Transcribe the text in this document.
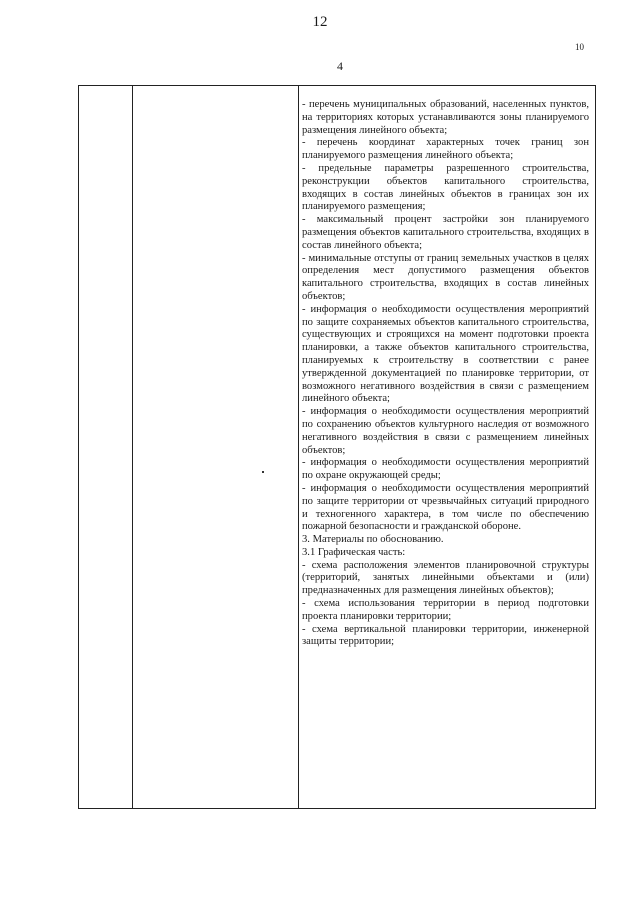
12
10
4

- перечень муниципальных образований, населенных пунктов, на территориях которых устанавливаются зоны планируемого размещения линейного объекта;

- перечень координат характерных точек границ зон планируемого размещения линейного объекта;

- предельные параметры разрешенного строительства, реконструкции объектов капитального строительства, входящих в состав линейных объектов в границах зон их планируемого размещения;

- максимальный процент застройки зон планируемого размещения объектов капитального строительства, входящих в состав линейного объекта;

- минимальные отступы от границ земельных участков в целях определения мест допустимого размещения объектов капитального строительства, входящих в состав линейных объектов;

- информация о необходимости осуществления мероприятий по защите сохраняемых объектов капитального строительства, существующих и строящихся на момент подготовки проекта планировки, а также объектов капитального строительства, планируемых к строительству в соответствии с ранее утвержденной документацией по планировке территории, от возможного негативного воздействия в связи с размещением линейного объекта;

- информация о необходимости осуществления мероприятий по сохранению объектов культурного наследия от возможного негативного воздействия в связи с размещением линейных объектов;

- информация о необходимости осуществления мероприятий по охране окружающей среды;

- информация о необходимости осуществления мероприятий по защите территории от чрезвычайных ситуаций природного и техногенного характера, в том числе по обеспечению пожарной безопасности и гражданской обороне.

3. Материалы по обоснованию.

3.1 Графическая часть:

- схема расположения элементов планировочной структуры (территорий, занятых линейными объектами и (или) предназначенных для размещения линейных объектов);

- схема использования территории в период подготовки проекта планировки территории;

- схема вертикальной планировки территории, инженерной защиты территории;
